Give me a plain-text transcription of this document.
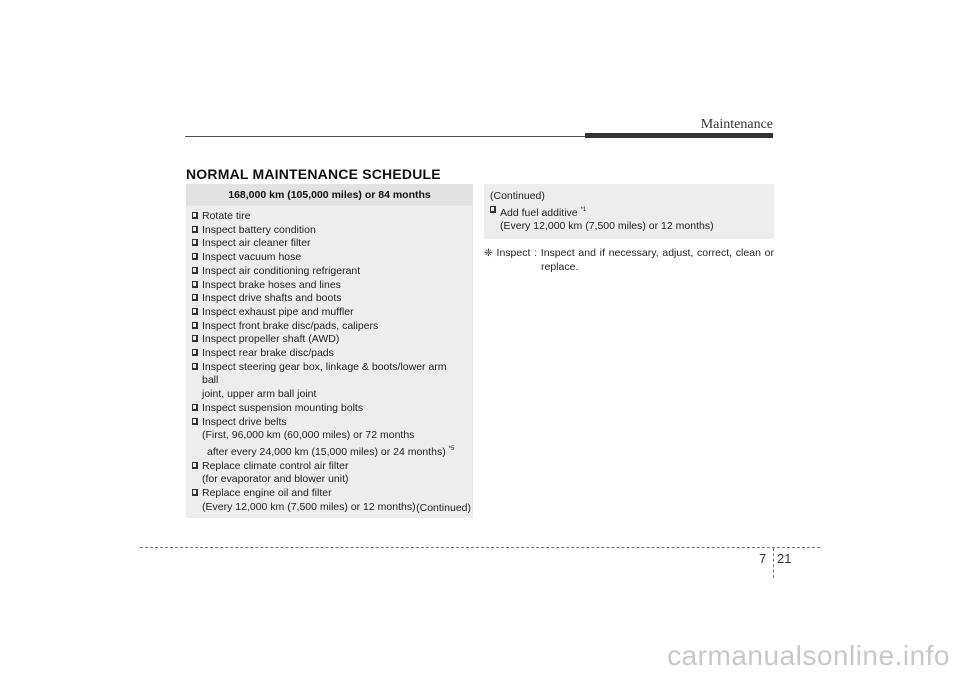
Maintenance
NORMAL MAINTENANCE SCHEDULE
168,000 km (105,000 miles) or 84 months
Rotate tire
Inspect battery condition
Inspect air cleaner filter
Inspect vacuum hose
Inspect air conditioning refrigerant
Inspect brake hoses and lines
Inspect drive shafts and boots
Inspect exhaust pipe and muffler
Inspect front brake disc/pads, calipers
Inspect propeller shaft (AWD)
Inspect rear brake disc/pads
Inspect steering gear box, linkage & boots/lower arm ball
joint, upper arm ball joint
Inspect suspension mounting bolts
Inspect drive belts
(First, 96,000 km (60,000 miles) or 72 months
after every 24,000 km (15,000 miles) or 24 months) $^{*5}$
Replace climate control air filter
(for evaporator and blower unit)
Replace engine oil and filter
(Every 12,000 km (7,500 miles) or 12 months) (Continued)
(Continued)
Add fuel additive $^{*1}$
(Every 12,000 km (7,500 miles) or 12 months)
❈ Inspect : Inspect and if necessary, adjust, correct, clean or
replace.
7 21
carmanualsonline.info
